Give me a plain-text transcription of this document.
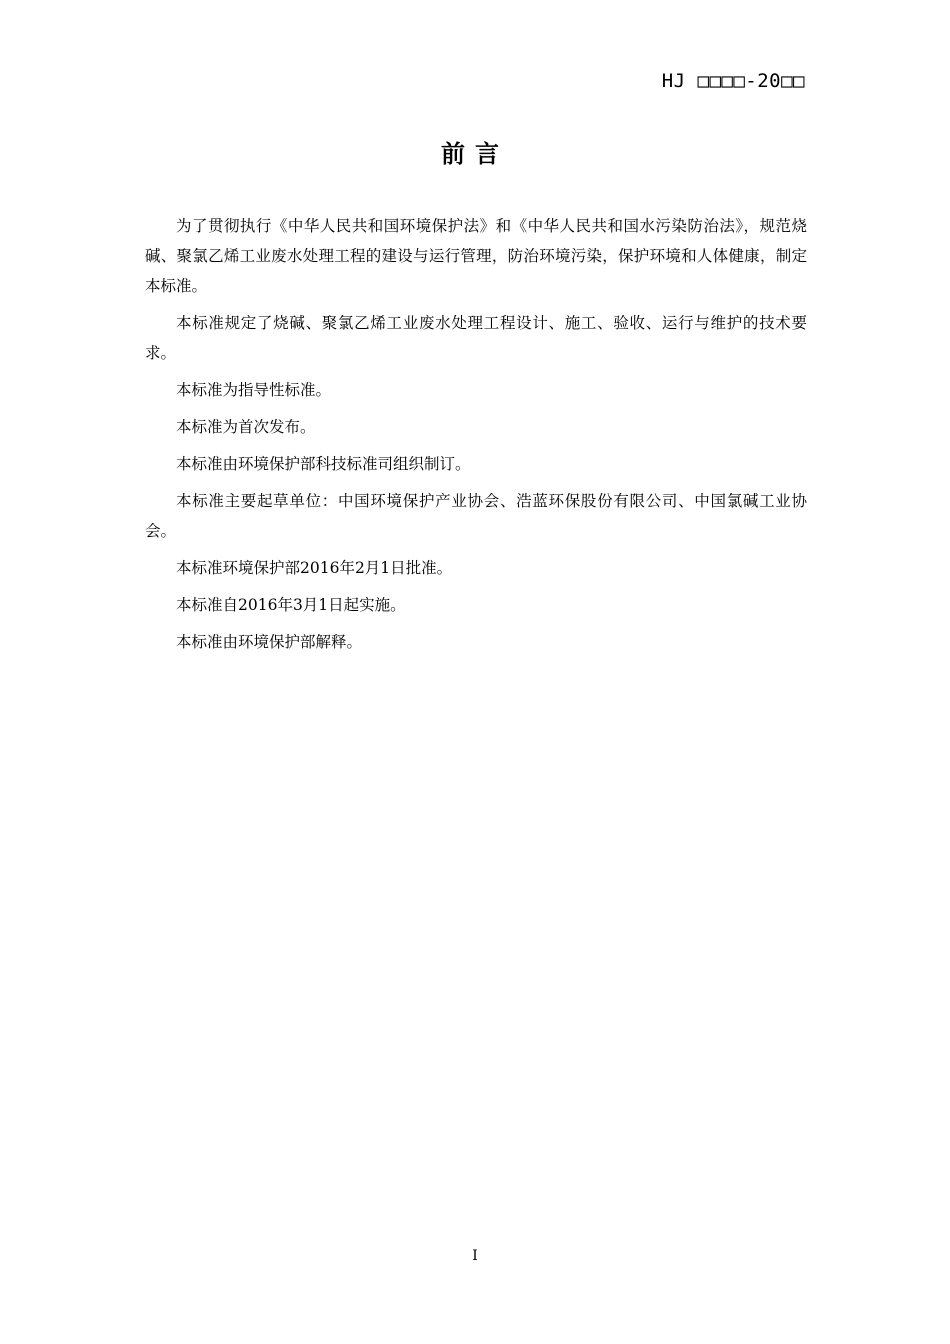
HJ □□□□-20□□
前言

为了贯彻执行《中华人民共和国环境保护法》和《中华人民共和国水污染防治法》，规范烧碱、聚氯乙烯工业废水处理工程的建设与运行管理，防治环境污染，保护环境和人体健康，制定本标准。

本标准规定了烧碱、聚氯乙烯工业废水处理工程设计、施工、验收、运行与维护的技术要求。

本标准为指导性标准。

本标准为首次发布。

本标准由环境保护部科技标准司组织制订。

本标准主要起草单位：中国环境保护产业协会、浩蓝环保股份有限公司、中国氯碱工业协会。

本标准环境保护部2016年2月1日批准。

本标准自2016年3月1日起实施。

本标准由环境保护部解释。

I
